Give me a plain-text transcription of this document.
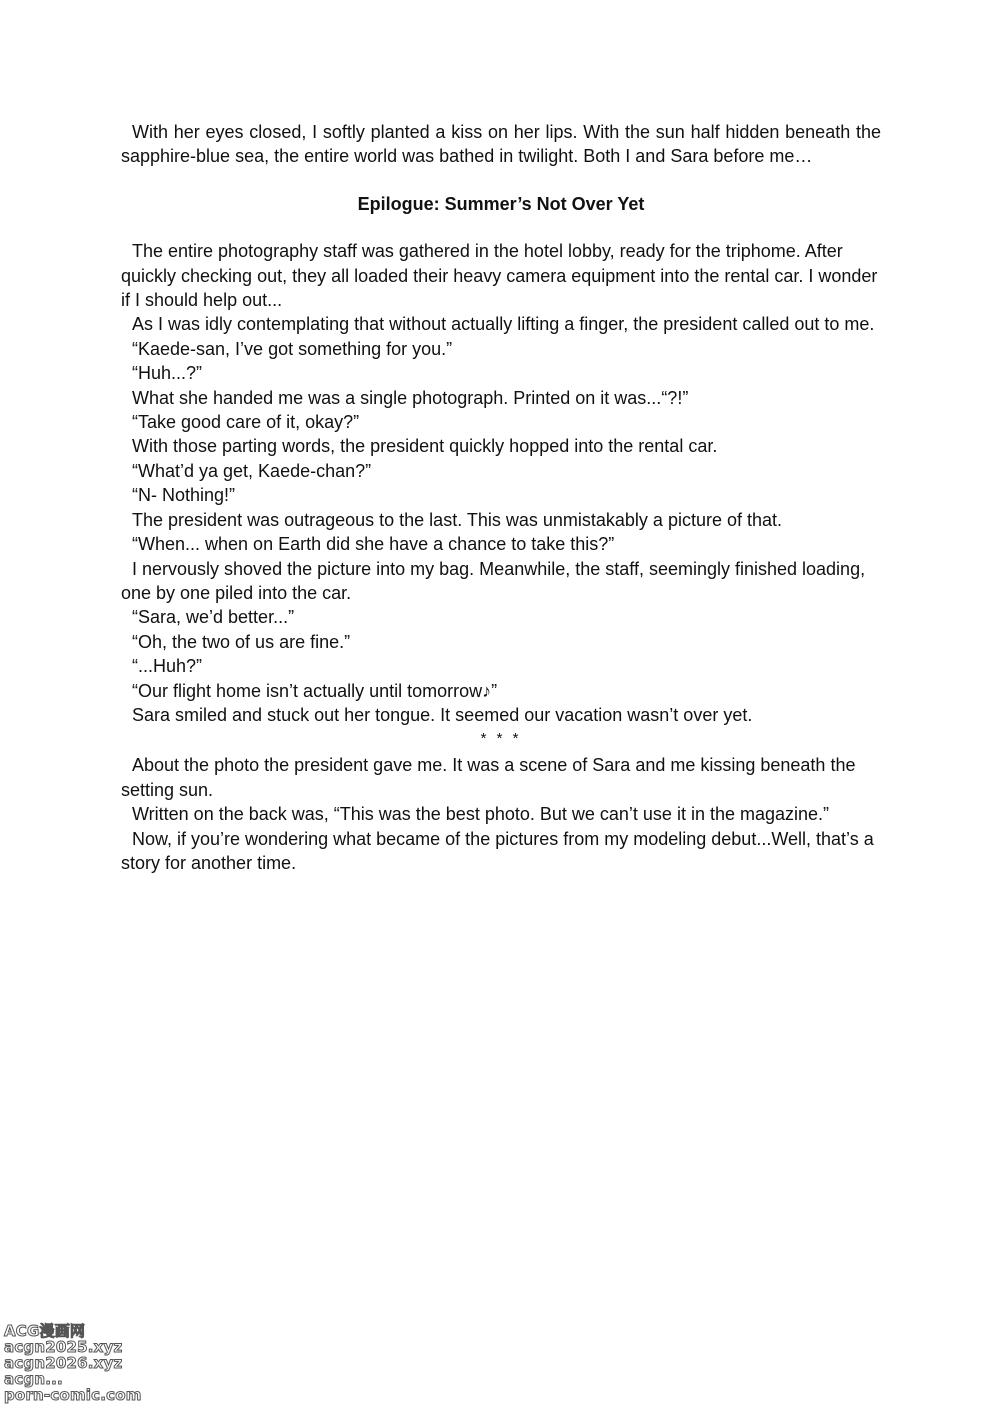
With her eyes closed, I softly planted a kiss on her lips. With the sun half hidden beneath the sapphire-blue sea, the entire world was bathed in twilight. Both I and Sara before me…

Epilogue: Summer’s Not Over Yet

The entire photography staff was gathered in the hotel lobby, ready for the triphome. After quickly checking out, they all loaded their heavy camera equipment into the rental car. I wonder if I should help out...

As I was idly contemplating that without actually lifting a finger, the president called out to me.

“Kaede-san, I’ve got something for you.”

“Huh...?”

What she handed me was a single photograph. Printed on it was...“?!”

“Take good care of it, okay?”

With those parting words, the president quickly hopped into the rental car.

“What’d ya get, Kaede-chan?”

“N- Nothing!”

The president was outrageous to the last. This was unmistakably a picture of that.

“When... when on Earth did she have a chance to take this?”

I nervously shoved the picture into my bag. Meanwhile, the staff, seemingly finished loading, one by one piled into the car.

“Sara, we’d better...”

“Oh, the two of us are fine.”

“...Huh?”

“Our flight home isn’t actually until tomorrow♪”

Sara smiled and stuck out her tongue. It seemed our vacation wasn’t over yet.

* * *

About the photo the president gave me. It was a scene of Sara and me kissing beneath the setting sun.

Written on the back was, “This was the best photo. But we can’t use it in the magazine.”

Now, if you’re wondering what became of the pictures from my modeling debut...Well, that’s a story for another time.

ACG漫画网
acgn2025.xyz
acgn2026.xyz
acgn...
porn-comic.com
